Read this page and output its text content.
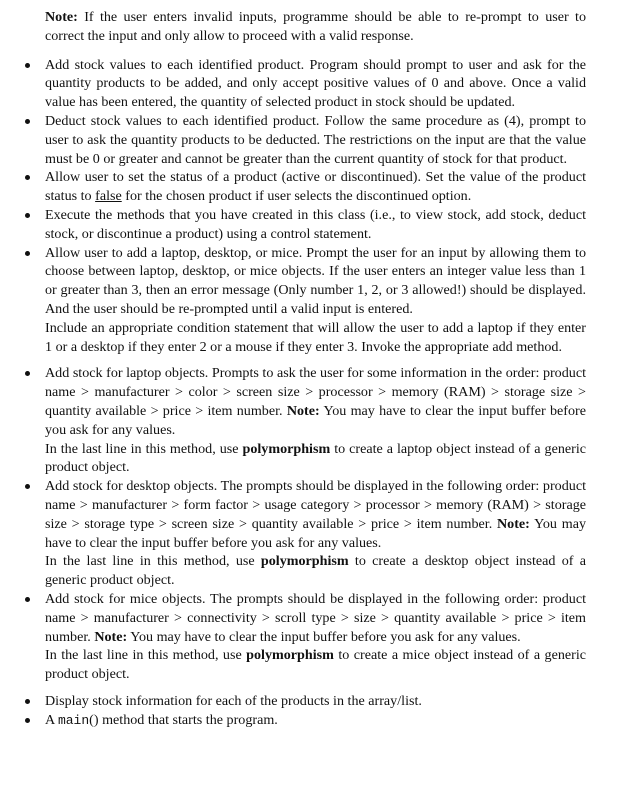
Note: If the user enters invalid inputs, programme should be able to re-prompt to user to correct the input and only allow to proceed with a valid response.

Add stock values to each identified product. Program should prompt to user and ask for the quantity products to be added, and only accept positive values of 0 and above. Once a valid value has been entered, the quantity of selected product in stock should be updated.

Deduct stock values to each identified product. Follow the same procedure as (4), prompt to user to ask the quantity products to be deducted. The restrictions on the input are that the value must be 0 or greater and cannot be greater than the current quantity of stock for that product.

Allow user to set the status of a product (active or discontinued). Set the value of the product status to false for the chosen product if user selects the discontinued option.

Execute the methods that you have created in this class (i.e., to view stock, add stock, deduct stock, or discontinue a product) using a control statement.

Allow user to add a laptop, desktop, or mice. Prompt the user for an input by allowing them to choose between laptop, desktop, or mice objects. If the user enters an integer value less than 1 or greater than 3, then an error message (Only number 1, 2, or 3 allowed!) should be displayed. And the user should be re-prompted until a valid input is entered.

Include an appropriate condition statement that will allow the user to add a laptop if they enter 1 or a desktop if they enter 2 or a mouse if they enter 3. Invoke the appropriate add method.

Add stock for laptop objects. Prompts to ask the user for some information in the order: product name > manufacturer > color > screen size > processor > memory (RAM) > storage size > quantity available > price > item number. Note: You may have to clear the input buffer before you ask for any values.

In the last line in this method, use polymorphism to create a laptop object instead of a generic product object.

Add stock for desktop objects. The prompts should be displayed in the following order: product name > manufacturer > form factor > usage category > processor > memory (RAM) > storage size > storage type > screen size > quantity available > price > item number. Note: You may have to clear the input buffer before you ask for any values.

In the last line in this method, use polymorphism to create a desktop object instead of a generic product object.

Add stock for mice objects. The prompts should be displayed in the following order: product name > manufacturer > connectivity > scroll type > size > quantity available > price > item number. Note: You may have to clear the input buffer before you ask for any values.

In the last line in this method, use polymorphism to create a mice object instead of a generic product object.

Display stock information for each of the products in the array/list.

A main() method that starts the program.
